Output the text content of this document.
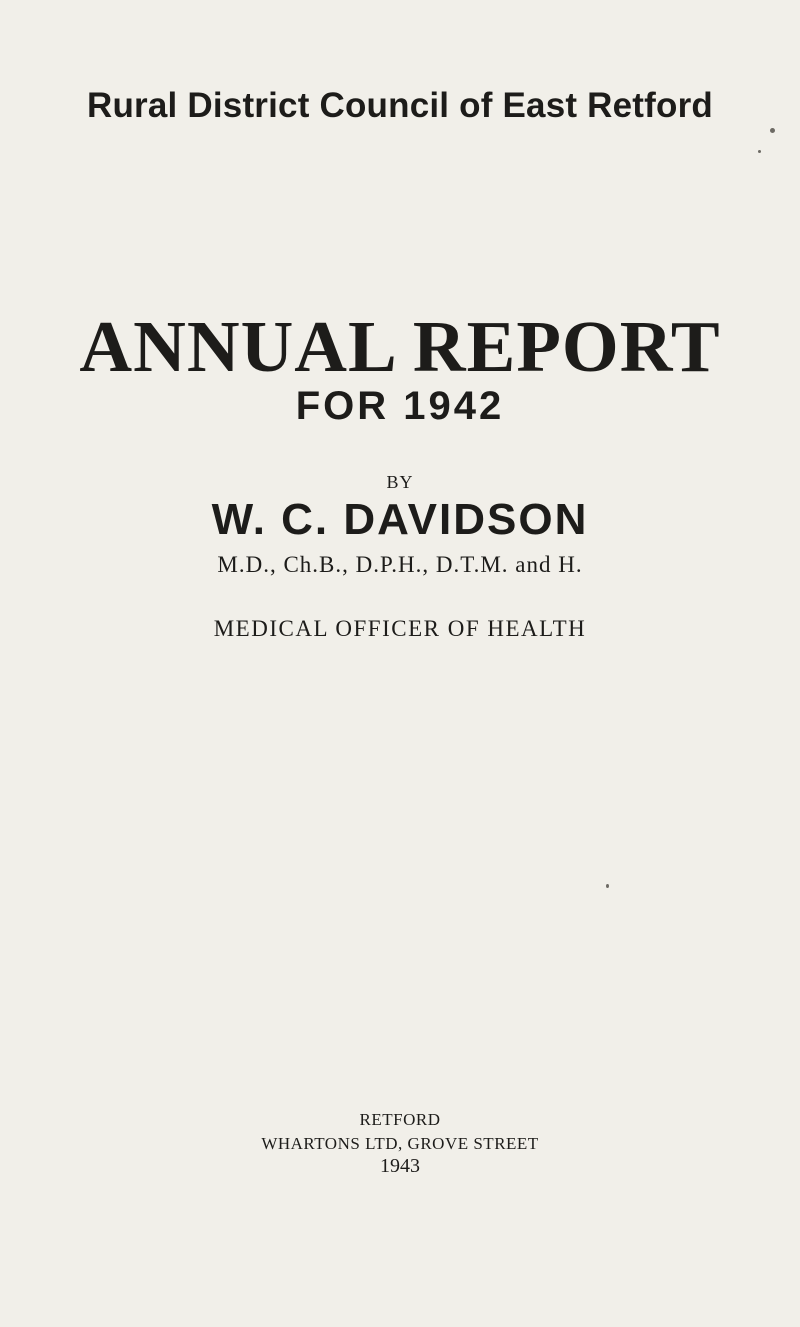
Rural District Council of East Retford
ANNUAL REPORT
FOR 1942
BY
W. C. DAVIDSON
M.D., Ch.B., D.P.H., D.T.M. and H.
MEDICAL OFFICER OF HEALTH
RETFORD
WHARTONS LTD, GROVE STREET
1943
